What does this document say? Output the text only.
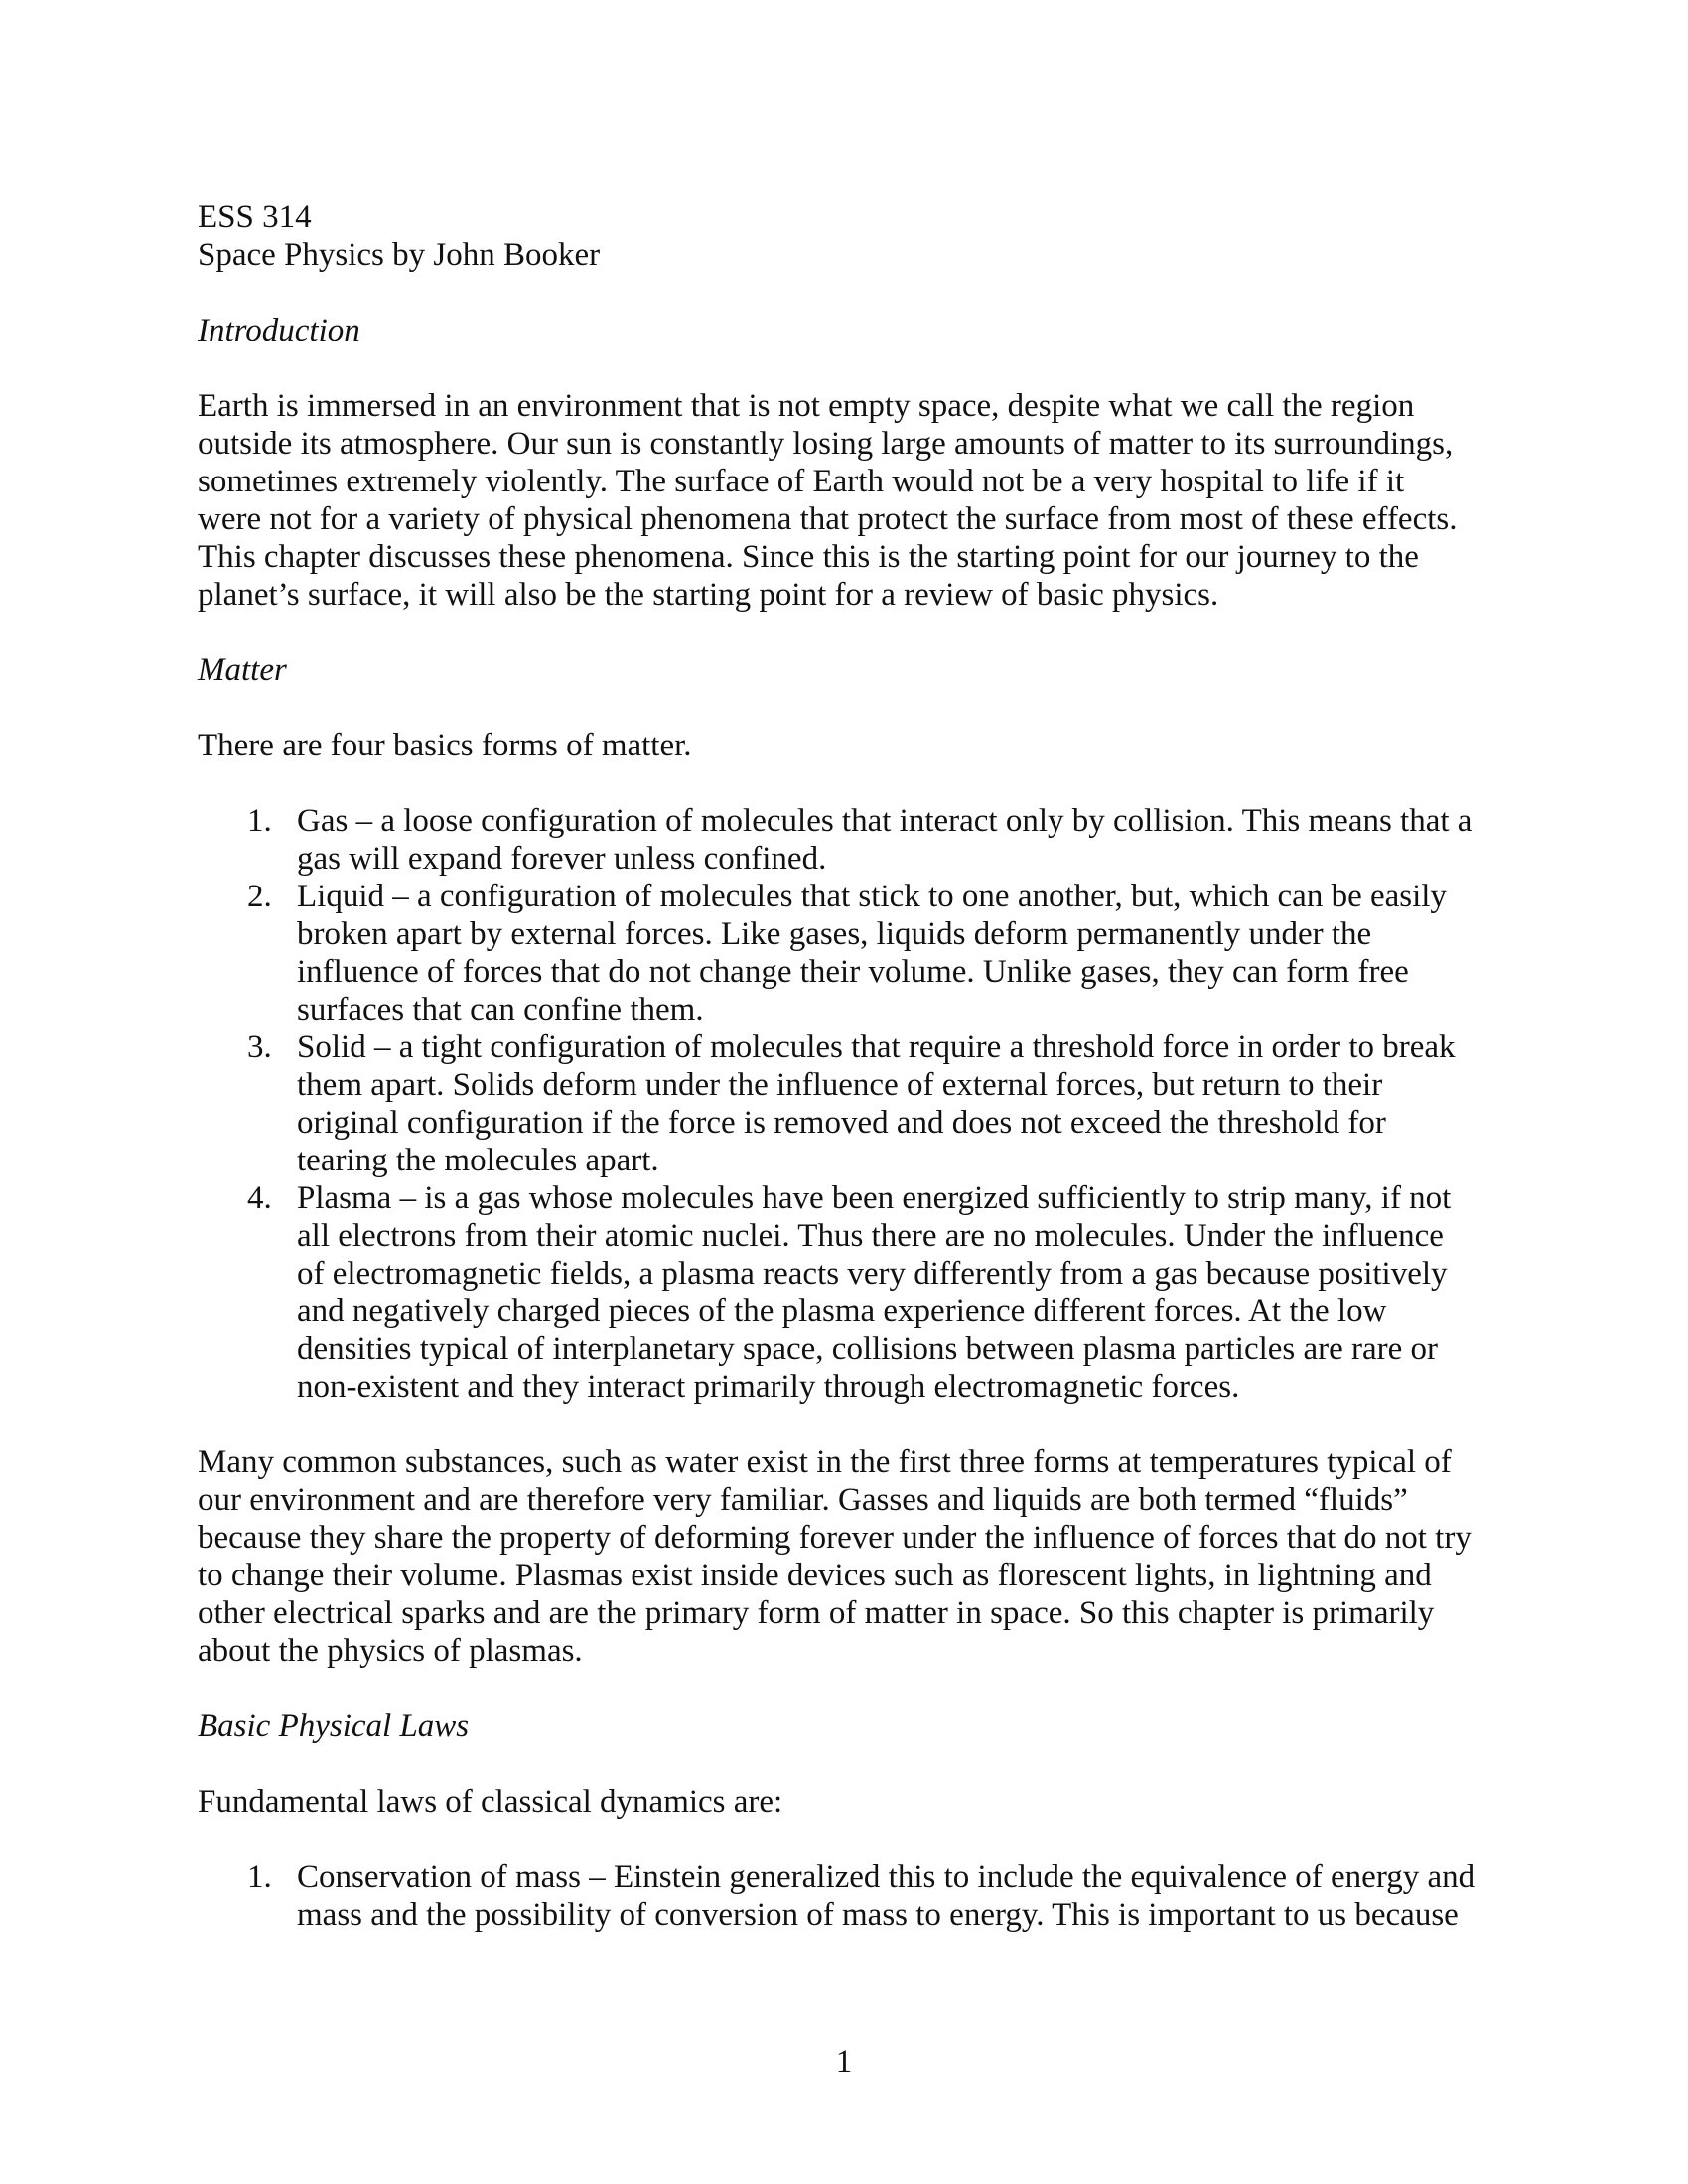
ESS 314

Space Physics by John Booker

Introduction

Earth is immersed in an environment that is not empty space, despite what we call the region
outside its atmosphere. Our sun is constantly losing large amounts of matter to its surroundings,
sometimes extremely violently. The surface of Earth would not be a very hospital to life if it
were not for a variety of physical phenomena that protect the surface from most of these effects.
This chapter discusses these phenomena. Since this is the starting point for our journey to the
planet’s surface, it will also be the starting point for a review of basic physics.

Matter

There are four basics forms of matter.

1. Gas – a loose configuration of molecules that interact only by collision. This means that a
gas will expand forever unless confined.
2. Liquid – a configuration of molecules that stick to one another, but, which can be easily
broken apart by external forces. Like gases, liquids deform permanently under the
influence of forces that do not change their volume. Unlike gases, they can form free
surfaces that can confine them.
3. Solid – a tight configuration of molecules that require a threshold force in order to break
them apart. Solids deform under the influence of external forces, but return to their
original configuration if the force is removed and does not exceed the threshold for
tearing the molecules apart.
4. Plasma – is a gas whose molecules have been energized sufficiently to strip many, if not
all electrons from their atomic nuclei. Thus there are no molecules. Under the influence
of electromagnetic fields, a plasma reacts very differently from a gas because positively
and negatively charged pieces of the plasma experience different forces. At the low
densities typical of interplanetary space, collisions between plasma particles are rare or
non-existent and they interact primarily through electromagnetic forces.
Many common substances, such as water exist in the first three forms at temperatures typical of
our environment and are therefore very familiar. Gasses and liquids are both termed “fluids”
because they share the property of deforming forever under the influence of forces that do not try
to change their volume. Plasmas exist inside devices such as florescent lights, in lightning and
other electrical sparks and are the primary form of matter in space. So this chapter is primarily
about the physics of plasmas.

Basic Physical Laws

Fundamental laws of classical dynamics are:

1. Conservation of mass – Einstein generalized this to include the equivalence of energy and
mass and the possibility of conversion of mass to energy. This is important to us because
1
